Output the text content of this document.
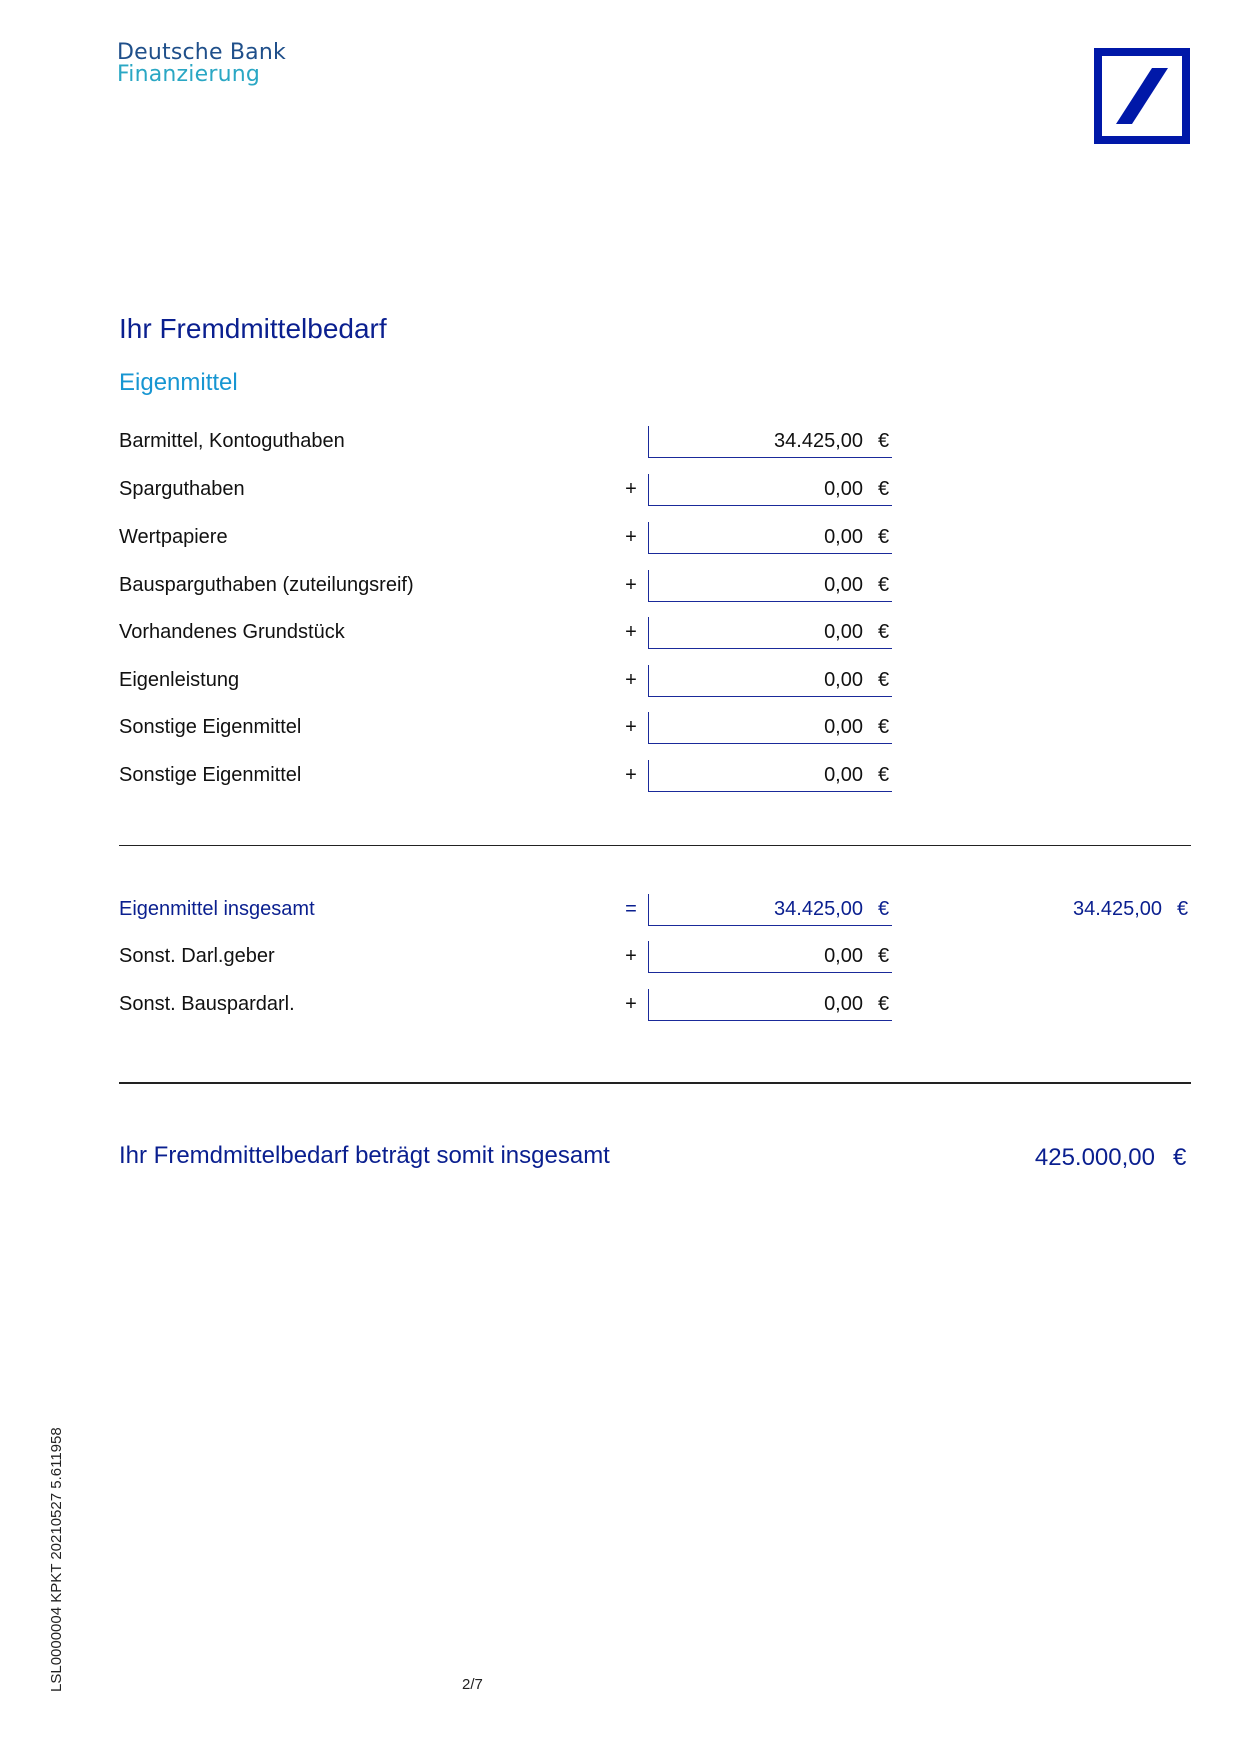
Deutsche Bank
Finanzierung
Ihr Fremdmittelbedarf
Eigenmittel
Barmittel, Kontoguthaben	34.425,00 €
Sparguthaben	+	0,00 €
Wertpapiere	+	0,00 €
Bausparguthaben (zuteilungsreif)	+	0,00 €
Vorhandenes Grundstück	+	0,00 €
Eigenleistung	+	0,00 €
Sonstige Eigenmittel	+	0,00 €
Sonstige Eigenmittel	+	0,00 €
Eigenmittel insgesamt	=	34.425,00 €	34.425,00 €
Sonst. Darl.geber	+	0,00 €
Sonst. Bauspardarl.	+	0,00 €
Ihr Fremdmittelbedarf beträgt somit insgesamt	425.000,00 €
LSL0000004 KPKT 20210527 5.611958	2/7
